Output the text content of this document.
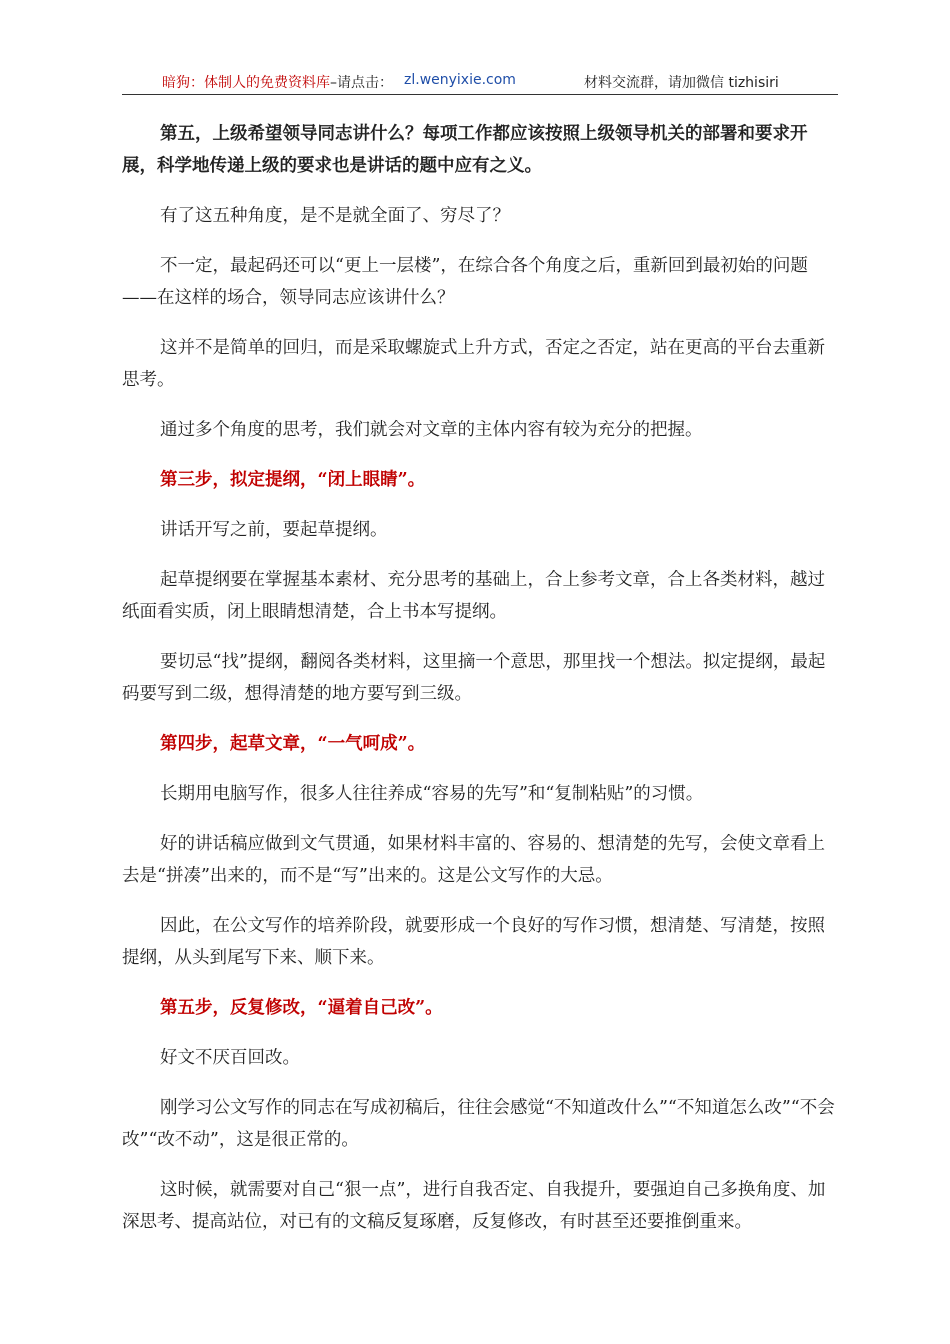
暗狗：体制人的免费资料库 –请点击： zl.wenyixie.com	材料交流群，请加微信 tizhisiri

第五，上级希望领导同志讲什么？每项工作都应该按照上级领导机关的部署和要求开展，科学地传递上级的要求也是讲话的题中应有之义。

有了这五种角度，是不是就全面了、穷尽了？

不一定，最起码还可以“更上一层楼”，在综合各个角度之后，重新回到最初始的问题——在这样的场合，领导同志应该讲什么？

这并不是简单的回归，而是采取螺旋式上升方式，否定之否定，站在更高的平台去重新思考。

通过多个角度的思考，我们就会对文章的主体内容有较为充分的把握。

第三步，拟定提纲，“闭上眼睛”。

讲话开写之前，要起草提纲。

起草提纲要在掌握基本素材、充分思考的基础上，合上参考文章，合上各类材料，越过纸面看实质，闭上眼睛想清楚，合上书本写提纲。

要切忌“找”提纲，翻阅各类材料，这里摘一个意思，那里找一个想法。拟定提纲，最起码要写到二级，想得清楚的地方要写到三级。

第四步，起草文章，“一气呵成”。

长期用电脑写作，很多人往往养成“容易的先写”和“复制粘贴”的习惯。

好的讲话稿应做到文气贯通，如果材料丰富的、容易的、想清楚的先写，会使文章看上去是“拼凑”出来的，而不是“写”出来的。这是公文写作的大忌。

因此，在公文写作的培养阶段，就要形成一个良好的写作习惯，想清楚、写清楚，按照提纲，从头到尾写下来、顺下来。

第五步，反复修改，“逼着自己改”。

好文不厌百回改。

刚学习公文写作的同志在写成初稿后，往往会感觉“不知道改什么”“不知道怎么改”“不会改”“改不动”，这是很正常的。

这时候，就需要对自己“狠一点”，进行自我否定、自我提升，要强迫自己多换角度、加深思考、提高站位，对已有的文稿反复琢磨，反复修改，有时甚至还要推倒重来。
